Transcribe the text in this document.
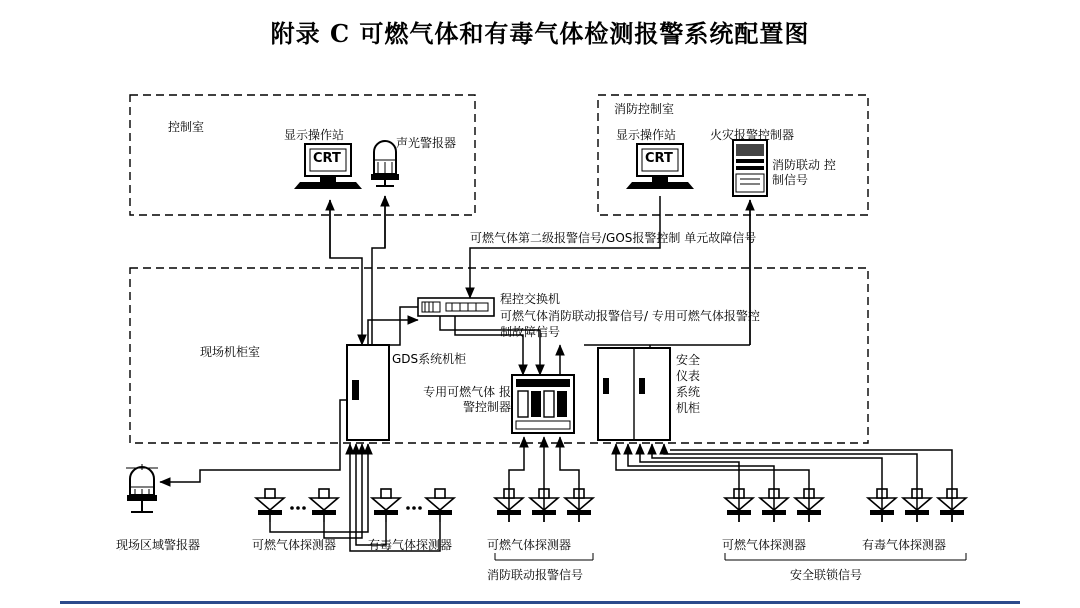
附录 C 可燃气体和有毒气体检测报警系统配置图
控制室
消防控制室
现场机柜室
显示操作站
CRT
声光警报器
显示操作站
CRT
火灾报警控制器
消防联动 控制信号
可燃气体第二级报警信号/GOS报警控制 单元故障信号
程控交换机
可燃气体消防联动报警信号/ 专用可燃气体报警控制故障信号
GDS系统机柜
专用可燃气体 报警控制器
安全 仪表 系统 机柜
现场区域警报器	可燃气体探测器	有毒气体探测器	可燃气体探测器	可燃气体探测器	有毒气体探测器
消防联动报警信号	安全联锁信号
